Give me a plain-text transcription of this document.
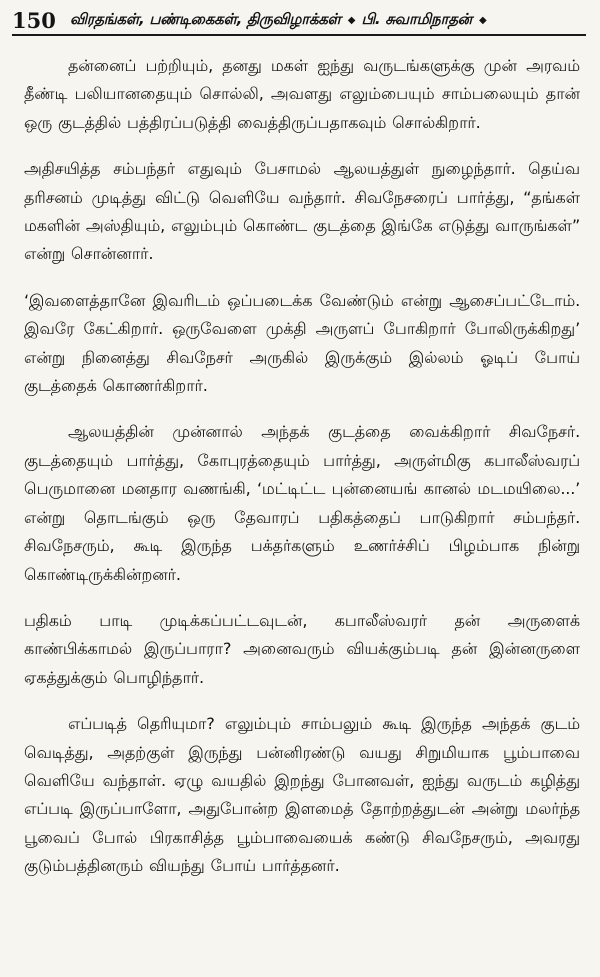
150 விரதங்கள், பண்டிகைகள், திருவிழாக்கள் ◆ பி. சுவாமிநாதன் ◆

தன்னைப் பற்றியும், தனது மகள் ஐந்து வருடங்களுக்கு முன் அரவம் தீண்டி பலியானதையும் சொல்லி, அவளது எலும்பையும் சாம்பலையும் தான் ஒரு குடத்தில் பத்திரப்படுத்தி வைத்திருப்பதாகவும் சொல்கிறார்.

அதிசயித்த சம்பந்தர் எதுவும் பேசாமல் ஆலயத்துள் நுழைந்தார். தெய்வ தரிசனம் முடித்து விட்டு வெளியே வந்தார். சிவநேசரைப் பார்த்து, “தங்கள் மகளின் அஸ்தியும், எலும்பும் கொண்ட குடத்தை இங்கே எடுத்து வாருங்கள்” என்று சொன்னார்.

‘இவளைத்தானே இவரிடம் ஒப்படைக்க வேண்டும் என்று ஆசைப்பட்டோம். இவரே கேட்கிறார். ஒருவேளை முக்தி அருளப் போகிறார் போலிருக்கிறது’ என்று நினைத்து சிவநேசர் அருகில் இருக்கும் இல்லம் ஓடிப் போய் குடத்தைக் கொணர்கிறார்.

ஆலயத்தின் முன்னால் அந்தக் குடத்தை வைக்கிறார் சிவநேசர். குடத்தையும் பார்த்து, கோபுரத்தையும் பார்த்து, அருள்மிகு கபாலீஸ்வரப் பெருமானை மனதார வணங்கி, ‘மட்டிட்ட புன்னையங் கானல் மடமயிலை...’ என்று தொடங்கும் ஒரு தேவாரப் பதிகத்தைப் பாடுகிறார் சம்பந்தர். சிவநேசரும், கூடி இருந்த பக்தர்களும் உணர்ச்சிப் பிழம்பாக நின்று கொண்டிருக்கின்றனர்.

பதிகம் பாடி முடிக்கப்பட்டவுடன், கபாலீஸ்வரர் தன் அருளைக் காண்பிக்காமல் இருப்பாரா? அனைவரும் வியக்கும்படி தன் இன்னருளை ஏகத்துக்கும் பொழிந்தார்.

எப்படித் தெரியுமா? எலும்பும் சாம்பலும் கூடி இருந்த அந்தக் குடம் வெடித்து, அதற்குள் இருந்து பன்னிரண்டு வயது சிறுமியாக பூம்பாவை வெளியே வந்தாள். ஏழு வயதில் இறந்து போனவள், ஐந்து வருடம் கழித்து எப்படி இருப்பாளோ, அதுபோன்ற இளமைத் தோற்றத்துடன் அன்று மலர்ந்த பூவைப் போல் பிரகாசித்த பூம்பாவையைக் கண்டு சிவநேசரும், அவரது குடும்பத்தினரும் வியந்து போய் பார்த்தனர்.
